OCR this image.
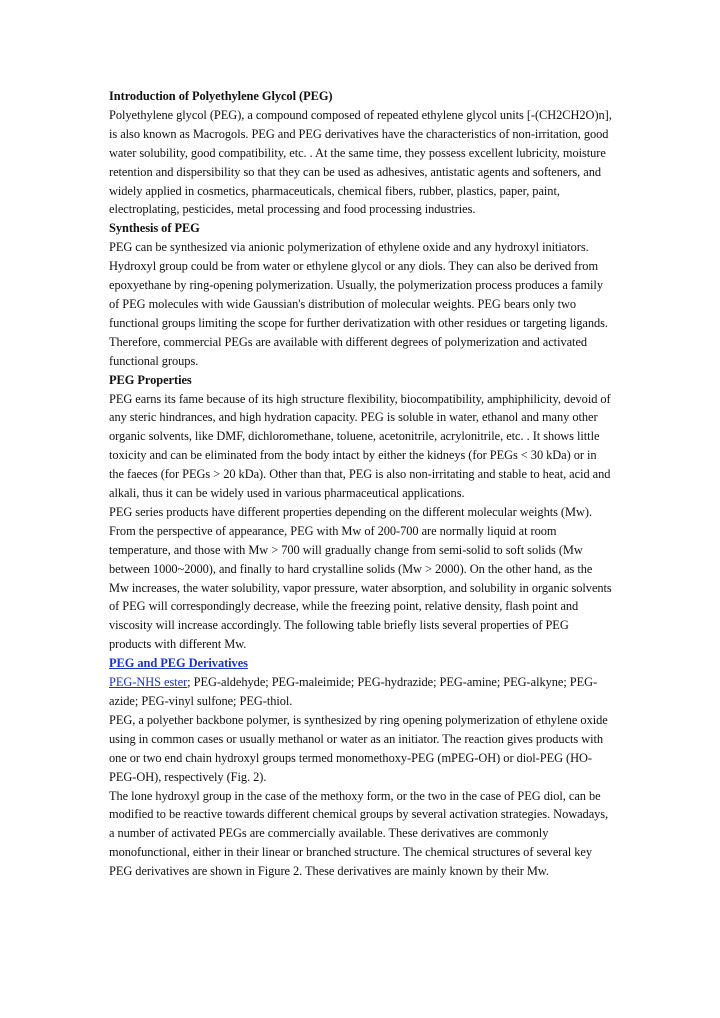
Introduction of Polyethylene Glycol (PEG)

Polyethylene glycol (PEG), a compound composed of repeated ethylene glycol units [-(CH2CH2O)n], is also known as Macrogols. PEG and PEG derivatives have the characteristics of non-irritation, good water solubility, good compatibility, etc. . At the same time, they possess excellent lubricity, moisture retention and dispersibility so that they can be used as adhesives, antistatic agents and softeners, and widely applied in cosmetics, pharmaceuticals, chemical fibers, rubber, plastics, paper, paint, electroplating, pesticides, metal processing and food processing industries.

Synthesis of PEG

PEG can be synthesized via anionic polymerization of ethylene oxide and any hydroxyl initiators. Hydroxyl group could be from water or ethylene glycol or any diols. They can also be derived from epoxyethane by ring-opening polymerization. Usually, the polymerization process produces a family of PEG molecules with wide Gaussian's distribution of molecular weights. PEG bears only two functional groups limiting the scope for further derivatization with other residues or targeting ligands. Therefore, commercial PEGs are available with different degrees of polymerization and activated functional groups.

PEG Properties

PEG earns its fame because of its high structure flexibility, biocompatibility, amphiphilicity, devoid of any steric hindrances, and high hydration capacity. PEG is soluble in water, ethanol and many other organic solvents, like DMF, dichloromethane, toluene, acetonitrile, acrylonitrile, etc. . It shows little toxicity and can be eliminated from the body intact by either the kidneys (for PEGs < 30 kDa) or in the faeces (for PEGs > 20 kDa). Other than that, PEG is also non-irritating and stable to heat, acid and alkali, thus it can be widely used in various pharmaceutical applications.

PEG series products have different properties depending on the different molecular weights (Mw). From the perspective of appearance, PEG with Mw of 200-700 are normally liquid at room temperature, and those with Mw > 700 will gradually change from semi-solid to soft solids (Mw between 1000~2000), and finally to hard crystalline solids (Mw > 2000). On the other hand, as the Mw increases, the water solubility, vapor pressure, water absorption, and solubility in organic solvents of PEG will correspondingly decrease, while the freezing point, relative density, flash point and viscosity will increase accordingly. The following table briefly lists several properties of PEG products with different Mw.

PEG and PEG Derivatives

PEG-NHS ester; PEG-aldehyde; PEG-maleimide; PEG-hydrazide; PEG-amine; PEG-alkyne; PEG-azide; PEG-vinyl sulfone; PEG-thiol.

PEG, a polyether backbone polymer, is synthesized by ring opening polymerization of ethylene oxide using in common cases or usually methanol or water as an initiator. The reaction gives products with one or two end chain hydroxyl groups termed monomethoxy-PEG (mPEG-OH) or diol-PEG (HO-PEG-OH), respectively (Fig. 2).

The lone hydroxyl group in the case of the methoxy form, or the two in the case of PEG diol, can be modified to be reactive towards different chemical groups by several activation strategies. Nowadays, a number of activated PEGs are commercially available. These derivatives are commonly monofunctional, either in their linear or branched structure. The chemical structures of several key PEG derivatives are shown in Figure 2. These derivatives are mainly known by their Mw.
